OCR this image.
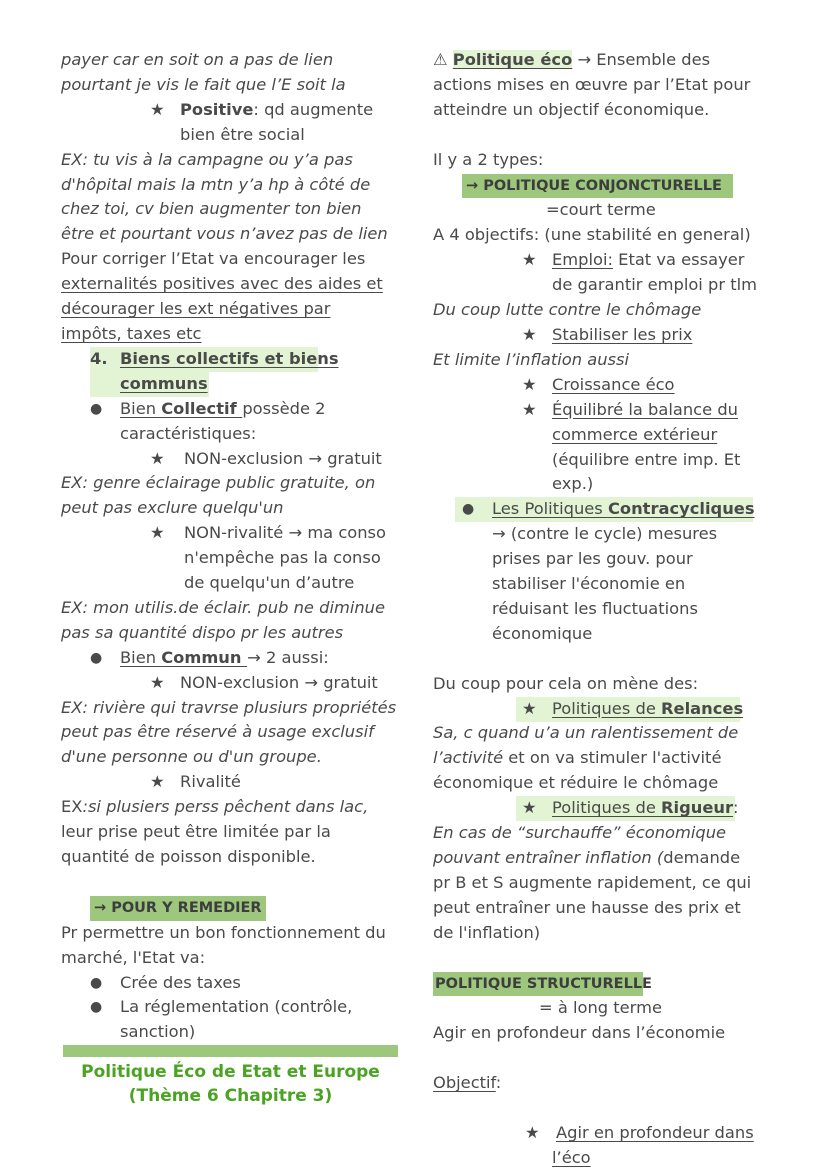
payer car en soit on a pas de lien
pourtant je vis le fait que l’E soit la
★ Positive: qd augmente
bien être social
EX: tu vis à la campagne ou y’a pas
d'hôpital mais la mtn y’a hp à côté de
chez toi, cv bien augmenter ton bien
être et pourtant vous n’avez pas de lien
Pour corriger l’Etat va encourager les
externalités positives avec des aides et
décourager les ext négatives par
impôts, taxes etc
4. Biens collectifs et biens
communs
● Bien Collectif possède 2
caractéristiques:
★ NON-exclusion → gratuit
EX: genre éclairage public gratuite, on
peut pas exclure quelqu'un
★ NON-rivalité → ma conso
n'empêche pas la conso
de quelqu'un d’autre
EX: mon utilis.de éclair. pub ne diminue
pas sa quantité dispo pr les autres
● Bien Commun → 2 aussi:
★ NON-exclusion → gratuit
EX: rivière qui travrse plusiurs propriétés
peut pas être réservé à usage exclusif
d'une personne ou d'un groupe.
★ Rivalité
EX:si plusiers perss pêchent dans lac,
leur prise peut être limitée par la
quantité de poisson disponible.

→ POUR Y REMEDIER
Pr permettre un bon fonctionnement du
marché, l'Etat va:
● Crée des taxes
● La réglementation (contrôle,
sanction)
Politique Éco de Etat et Europe
(Thème 6 Chapitre 3)
⚠ Politique éco → Ensemble des
actions mises en œuvre par l’Etat pour
atteindre un objectif économique.

Il y a 2 types:
→ POLITIQUE CONJONCTURELLE
=court terme
A 4 objectifs: (une stabilité en general)
★ Emploi: Etat va essayer
de garantir emploi pr tlm
Du coup lutte contre le chômage
★ Stabiliser les prix
Et limite l’inflation aussi
★ Croissance éco
★ Équilibré la balance du
commerce extérieur
(équilibre entre imp. Et
exp.)
● Les Politiques Contracycliques
→ (contre le cycle) mesures
prises par les gouv. pour
stabiliser l'économie en
réduisant les fluctuations
économique

Du coup pour cela on mène des:
★ Politiques de Relances
Sa, c quand u’a un ralentissement de
l’activité et on va stimuler l'activité
économique et réduire le chômage
★ Politiques de Rigueur:
En cas de “surchauffe” économique
pouvant entraîner inflation (demande
pr B et S augmente rapidement, ce qui
peut entraîner une hausse des prix et
de l'inflation)

POLITIQUE STRUCTURELLE
= à long terme
Agir en profondeur dans l’économie

Objectif:

★ Agir en profondeur dans
l’éco
